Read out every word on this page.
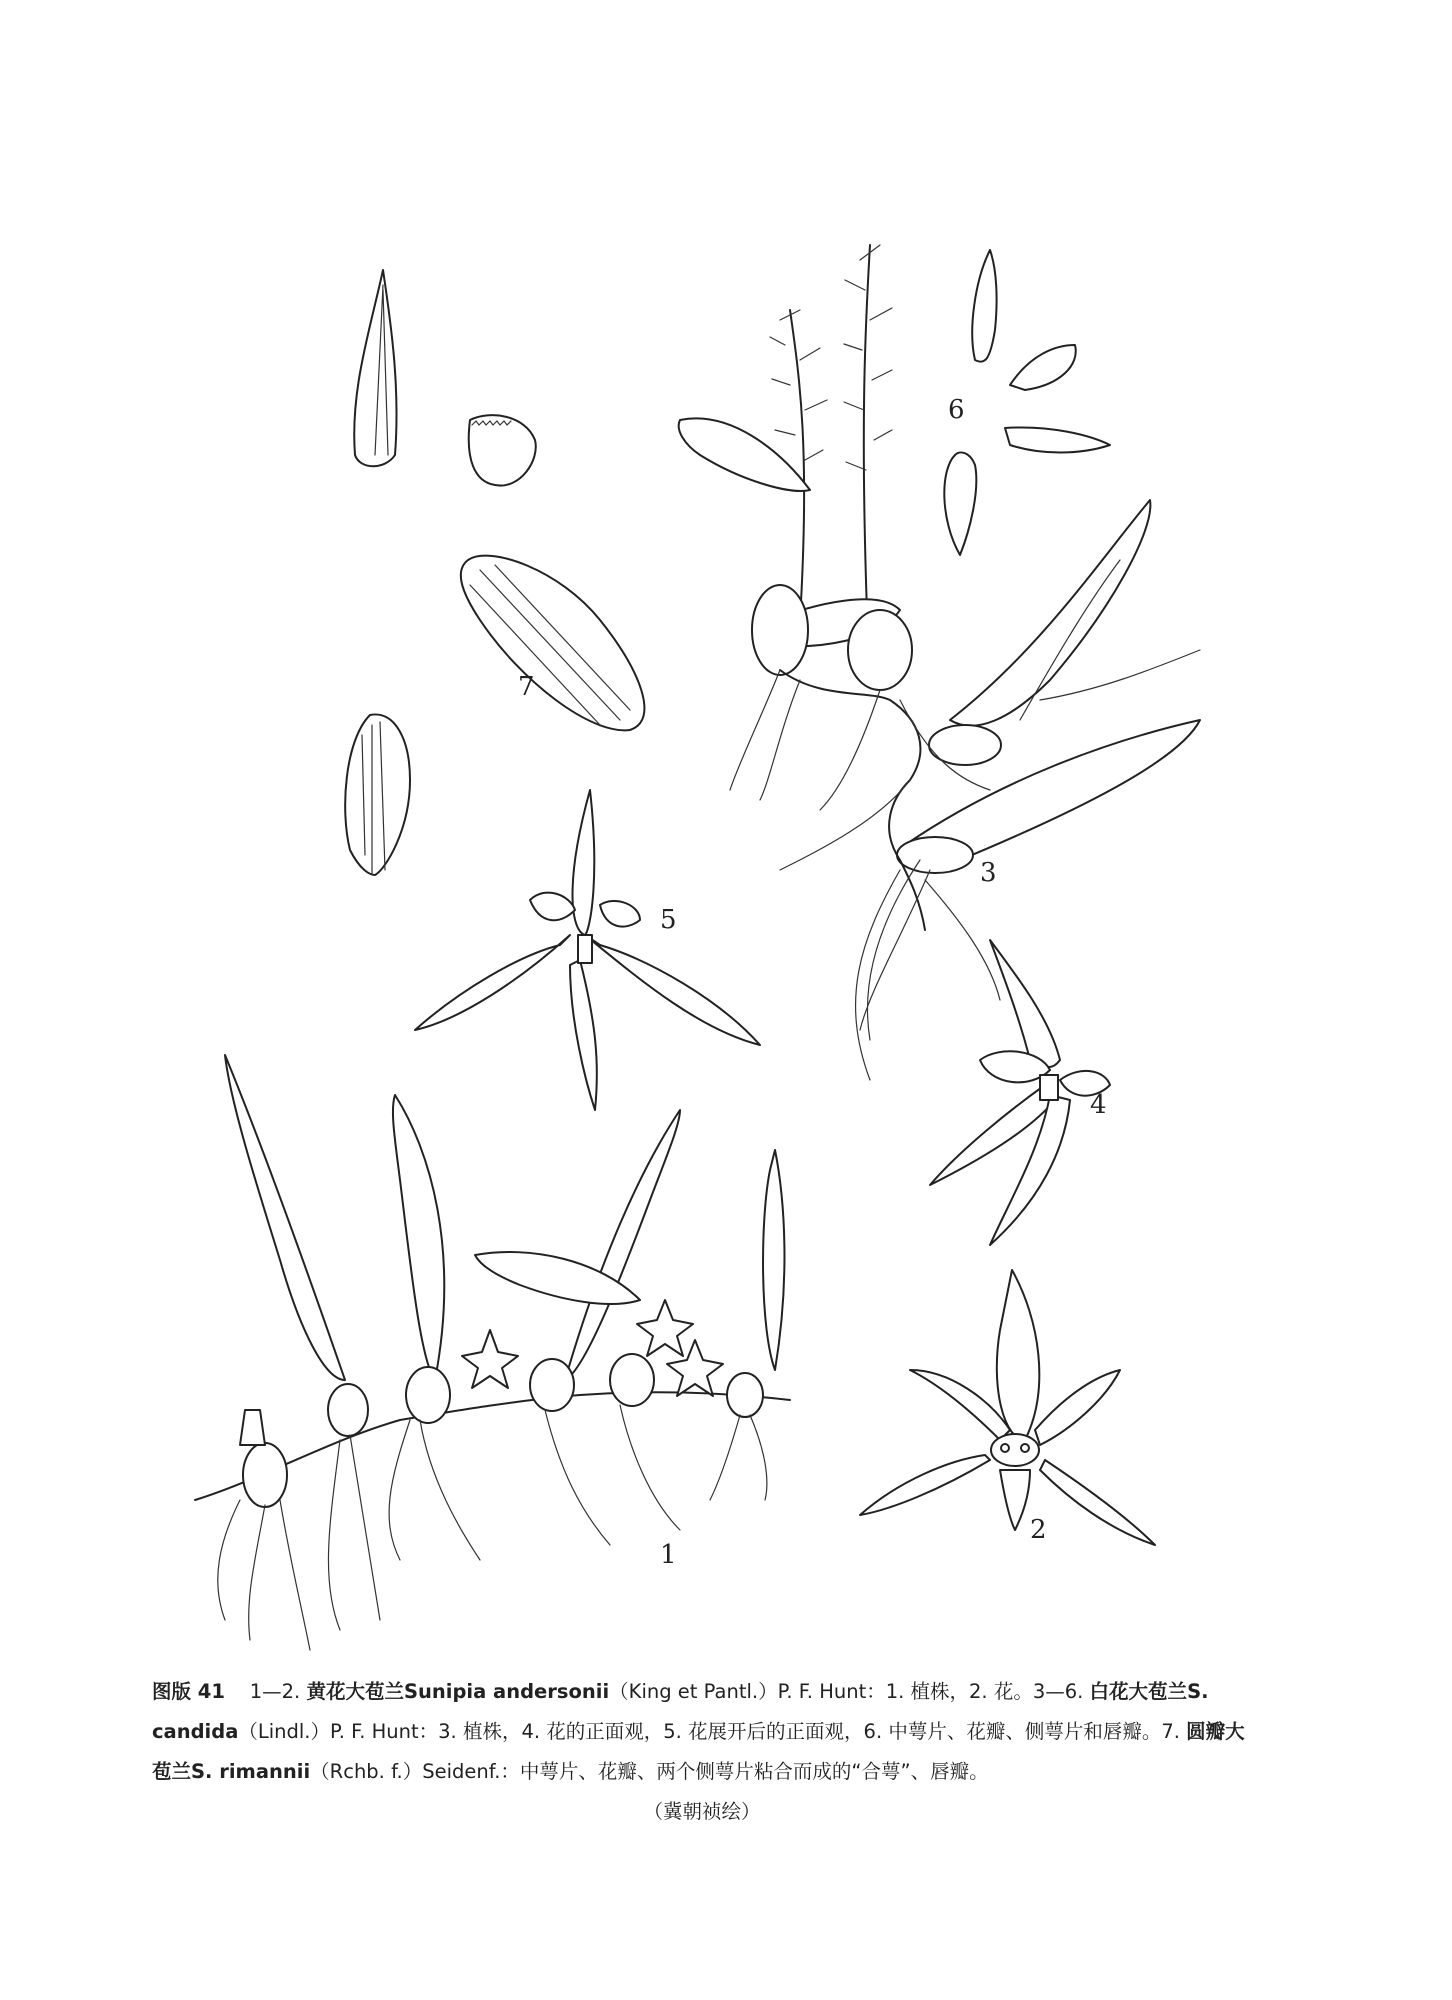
7
6
3
5
4
2
1

图版 41 1—2. 黄花大苞兰Sunipia andersonii（King et Pantl.）P. F. Hunt：1. 植株，2. 花。3—6. 白花大苞兰S. candida（Lindl.）P. F. Hunt：3. 植株，4. 花的正面观，5. 花展开后的正面观，6. 中萼片、花瓣、侧萼片和唇瓣。7. 圆瓣大苞兰S. rimannii（Rchb. f.）Seidenf.：中萼片、花瓣、两个侧萼片粘合而成的“合萼”、唇瓣。

（冀朝祯绘）
